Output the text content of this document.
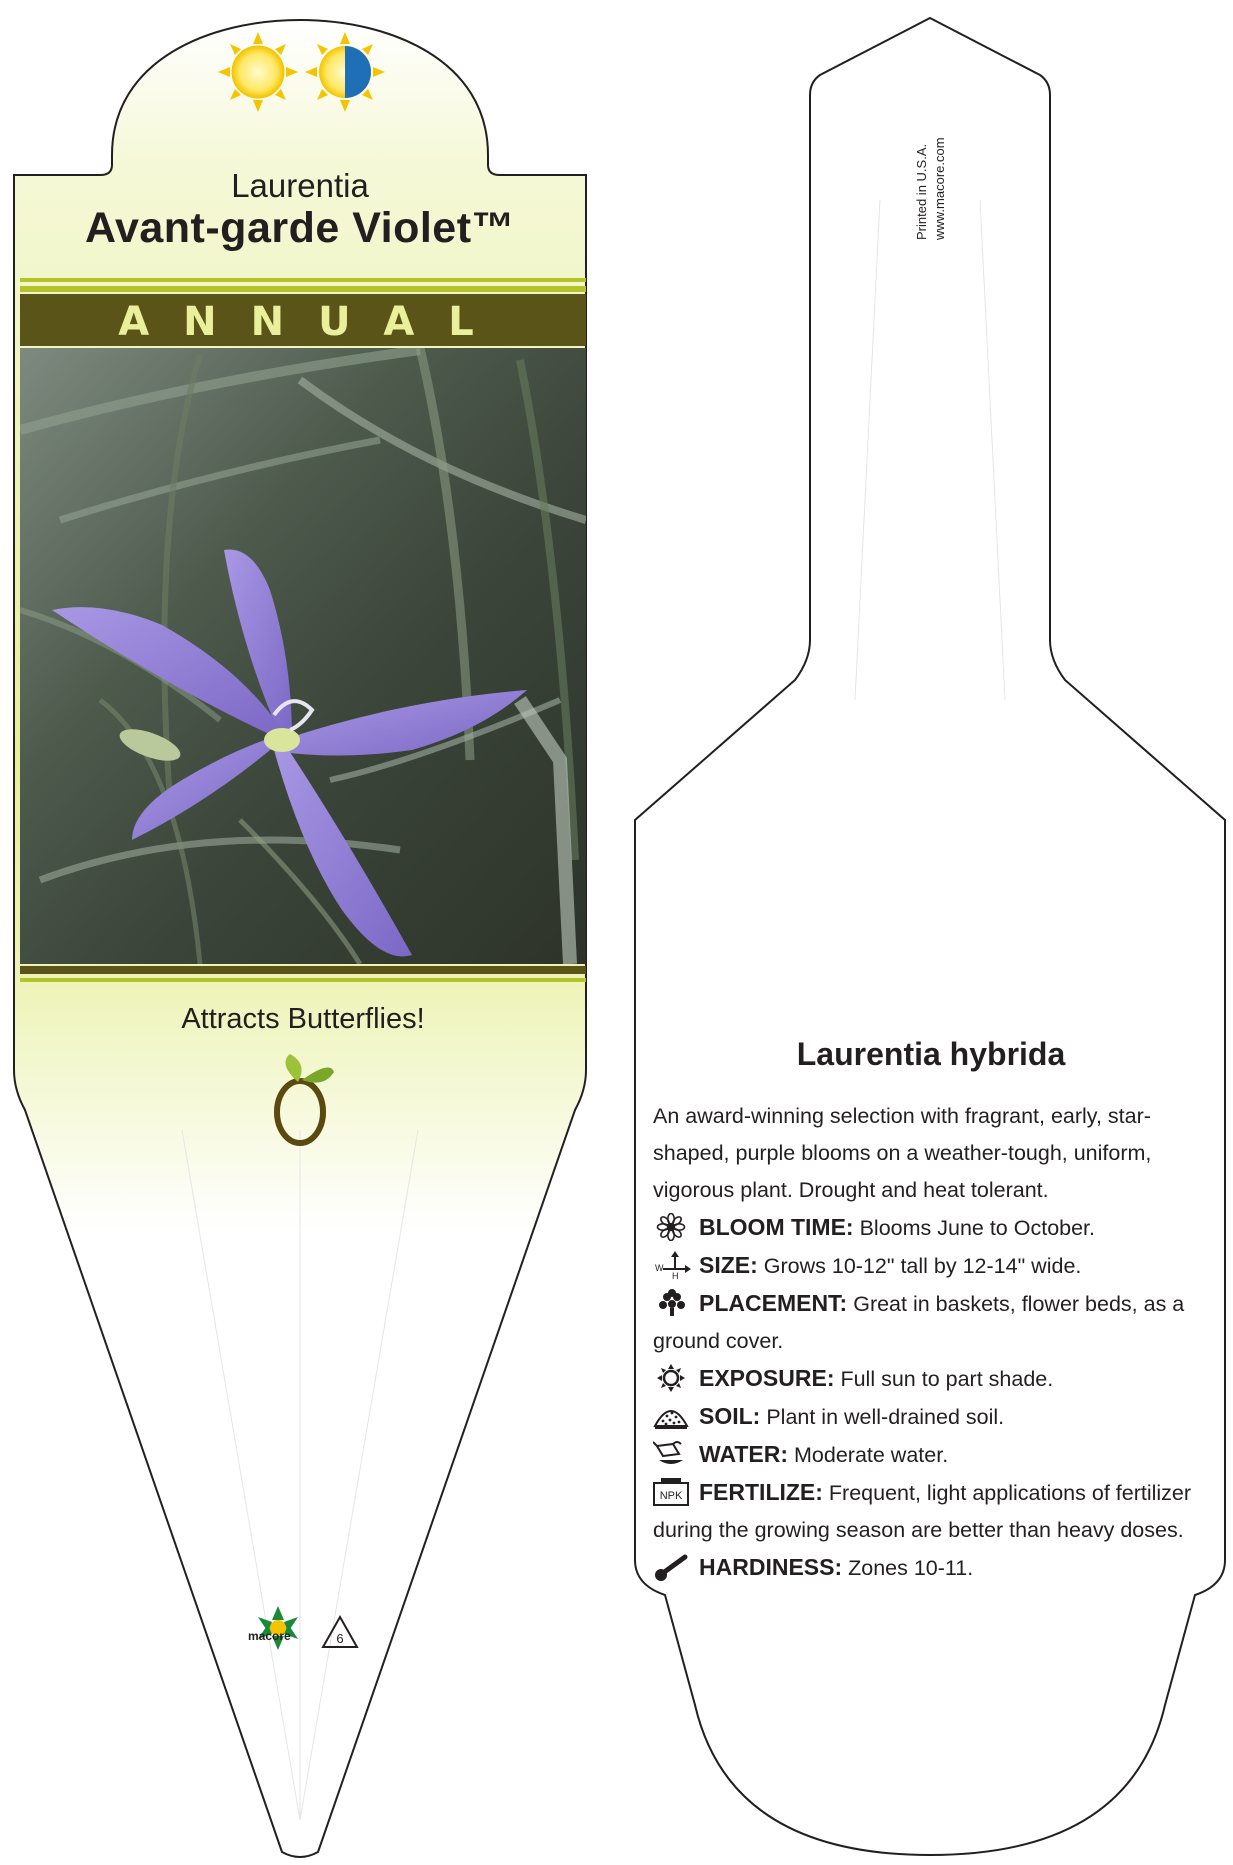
macore	6
Laurentia
Avant-garde Violet™
ANNUAL
Attracts Butterflies!
Printed in U.S.A. www.macore.com
Laurentia hybrida

An award-winning selection with fragrant, early, star-shaped, purple blooms on a weather-tough, uniform, vigorous plant. Drought and heat tolerant.

BLOOM TIME: Blooms June to October.

W
H SIZE: Grows 10-12" tall by 12-14" wide.

PLACEMENT: Great in baskets, flower beds, as a ground cover.

EXPOSURE: Full sun to part shade.

SOIL: Plant in well-drained soil.

WATER: Moderate water.

NPK FERTILIZE: Frequent, light applications of fertilizer during the growing season are better than heavy doses.

HARDINESS: Zones 10-11.
